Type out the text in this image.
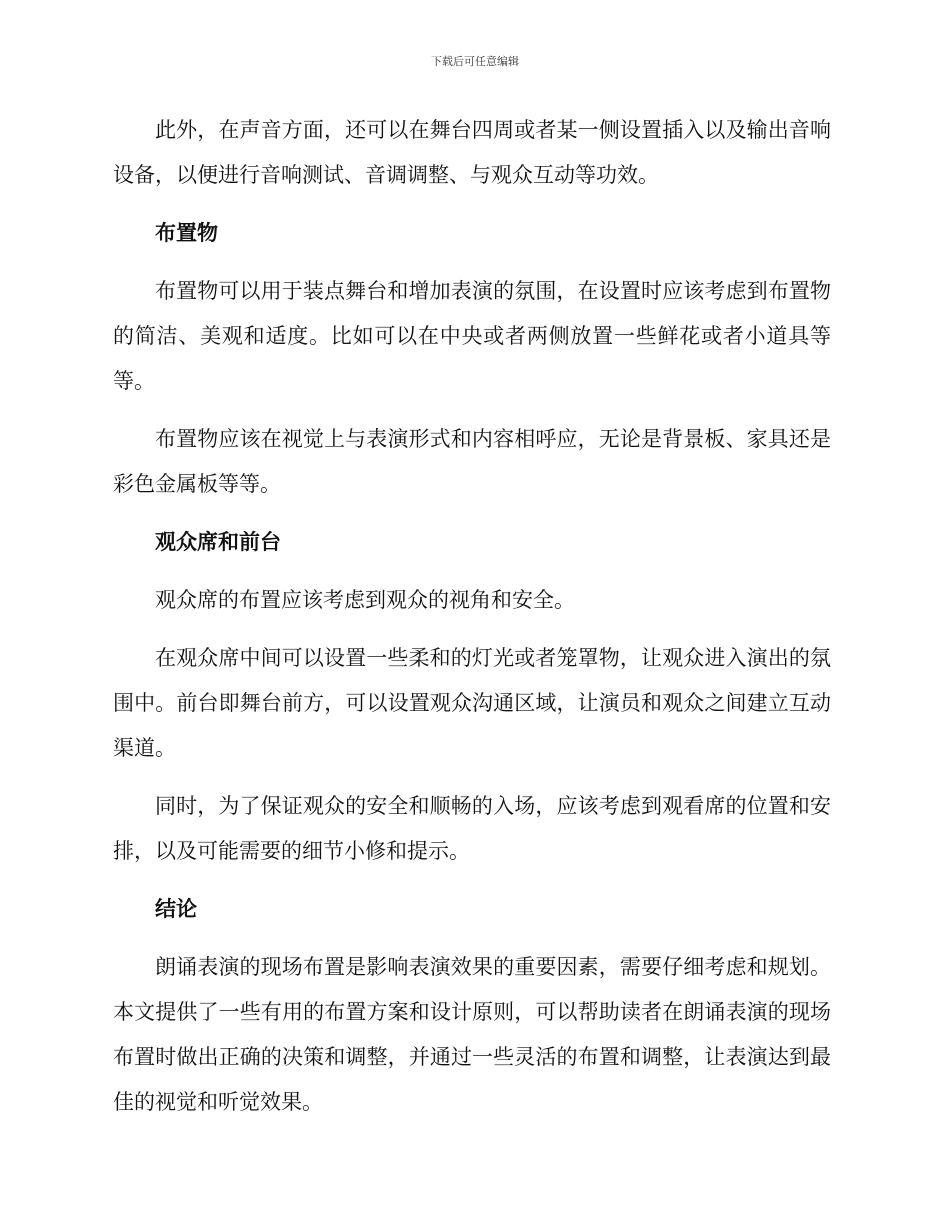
下载后可任意编辑

此外，在声音方面，还可以在舞台四周或者某一侧设置插入以及输出音响设备，以便进行音响测试、音调调整、与观众互动等功效。

布置物

布置物可以用于装点舞台和增加表演的氛围，在设置时应该考虑到布置物的简洁、美观和适度。比如可以在中央或者两侧放置一些鲜花或者小道具等等。

布置物应该在视觉上与表演形式和内容相呼应，无论是背景板、家具还是彩色金属板等等。

观众席和前台

观众席的布置应该考虑到观众的视角和安全。

在观众席中间可以设置一些柔和的灯光或者笼罩物，让观众进入演出的氛围中。前台即舞台前方，可以设置观众沟通区域，让演员和观众之间建立互动渠道。

同时，为了保证观众的安全和顺畅的入场，应该考虑到观看席的位置和安排，以及可能需要的细节小修和提示。

结论

朗诵表演的现场布置是影响表演效果的重要因素，需要仔细考虑和规划。本文提供了一些有用的布置方案和设计原则，可以帮助读者在朗诵表演的现场布置时做出正确的决策和调整，并通过一些灵活的布置和调整，让表演达到最佳的视觉和听觉效果。
